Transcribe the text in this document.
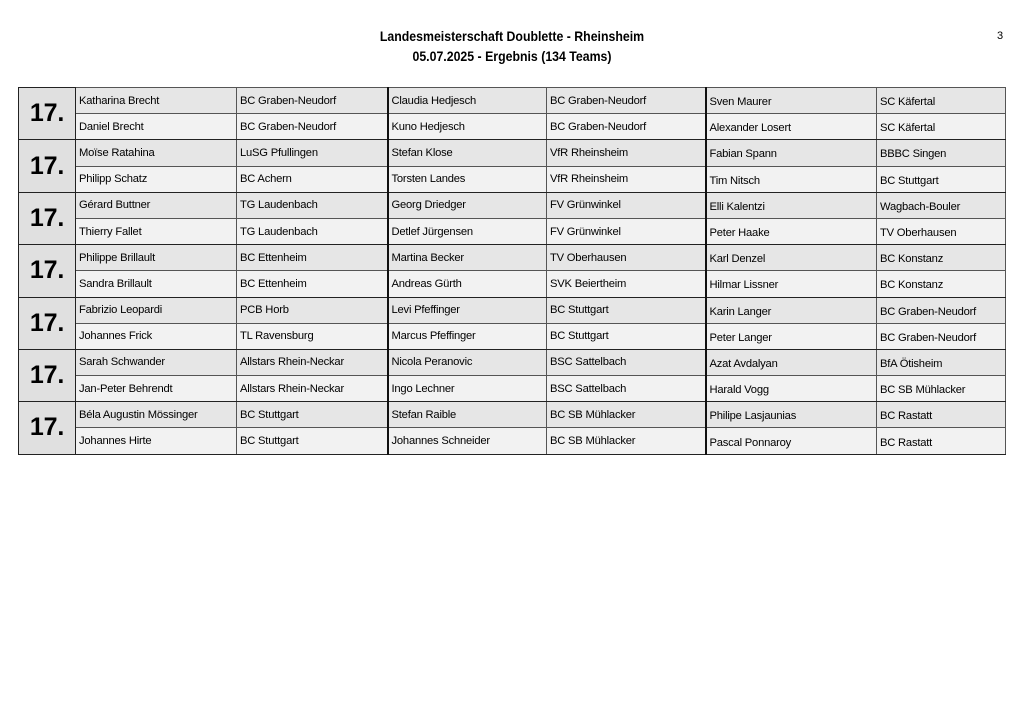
Landesmeisterschaft Doublette - Rheinsheim
05.07.2025 - Ergebnis (134 Teams)
3
17.	Katharina Brecht	BC Graben-Neudorf	Claudia Hedjesch	BC Graben-Neudorf	Sven Maurer	SC Käfertal
	Daniel Brecht	BC Graben-Neudorf	Kuno Hedjesch	BC Graben-Neudorf	Alexander Losert	SC Käfertal
17.	Moïse Ratahina	LuSG Pfullingen	Stefan Klose	VfR Rheinsheim	Fabian Spann	BBBC Singen
	Philipp Schatz	BC Achern	Torsten Landes	VfR Rheinsheim	Tim Nitsch	BC Stuttgart
17.	Gérard Buttner	TG Laudenbach	Georg Driedger	FV Grünwinkel	Elli Kalentzi	Wagbach-Bouler
	Thierry Fallet	TG Laudenbach	Detlef Jürgensen	FV Grünwinkel	Peter Haake	TV Oberhausen
17.	Philippe Brillault	BC Ettenheim	Martina Becker	TV Oberhausen	Karl Denzel	BC Konstanz
	Sandra Brillault	BC Ettenheim	Andreas Gürth	SVK Beiertheim	Hilmar Lissner	BC Konstanz
17.	Fabrizio Leopardi	PCB Horb	Levi Pfeffinger	BC Stuttgart	Karin Langer	BC Graben-Neudorf
	Johannes Frick	TL Ravensburg	Marcus Pfeffinger	BC Stuttgart	Peter Langer	BC Graben-Neudorf
17.	Sarah Schwander	Allstars Rhein-Neckar	Nicola Peranovic	BSC Sattelbach	Azat Avdalyan	BfA Ötisheim
	Jan-Peter Behrendt	Allstars Rhein-Neckar	Ingo Lechner	BSC Sattelbach	Harald Vogg	BC SB Mühlacker
17.	Béla Augustin Mössinger	BC Stuttgart	Stefan Raible	BC SB Mühlacker	Philipe Lasjaunias	BC Rastatt
	Johannes Hirte	BC Stuttgart	Johannes Schneider	BC SB Mühlacker	Pascal Ponnaroy	BC Rastatt
